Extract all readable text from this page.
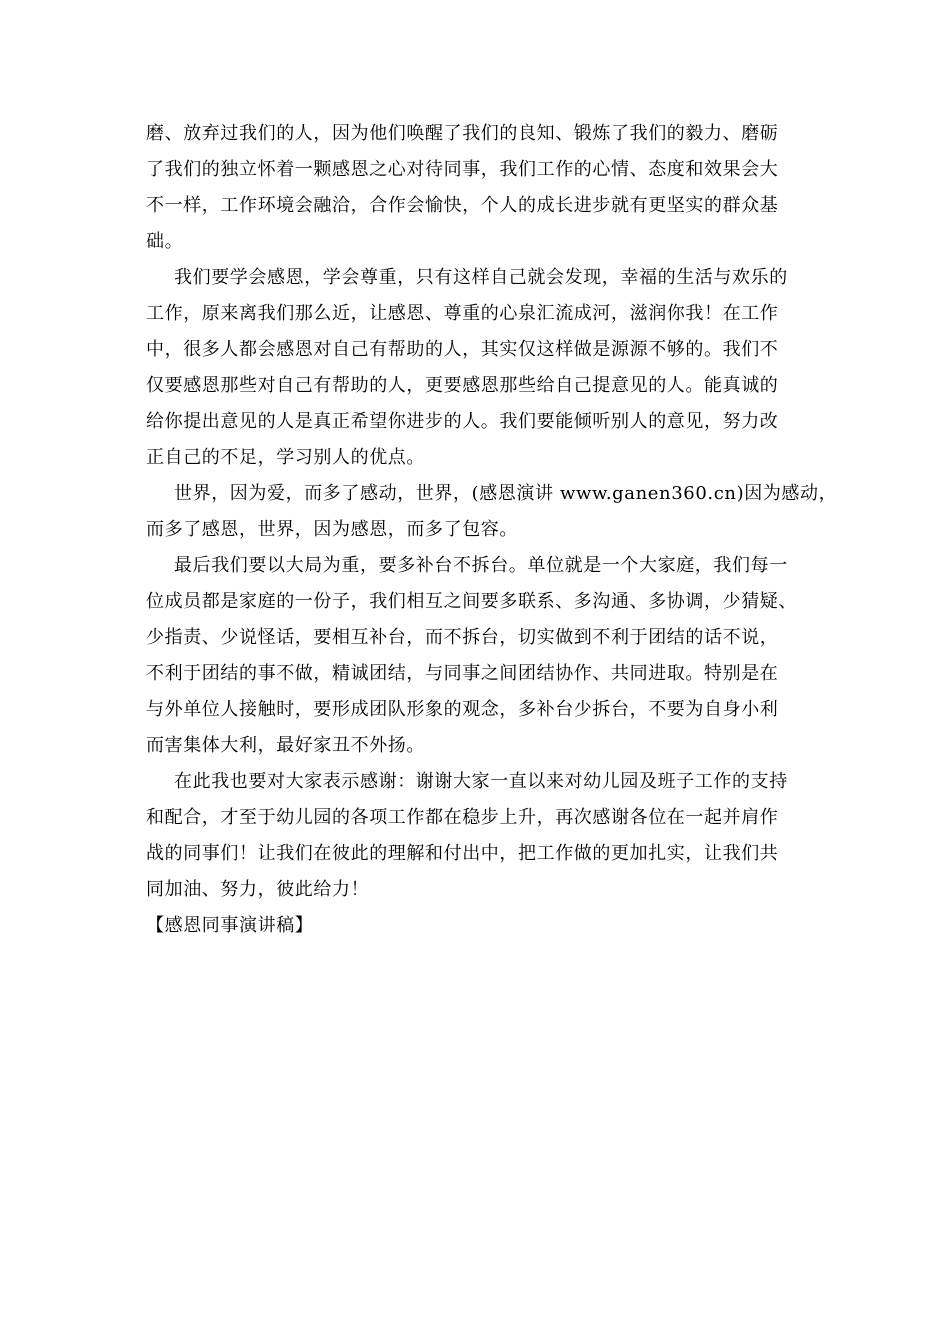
磨、放弃过我们的人，因为他们唤醒了我们的良知、锻炼了我们的毅力、磨砺
了我们的独立怀着一颗感恩之心对待同事，我们工作的心情、态度和效果会大
不一样，工作环境会融洽，合作会愉快，个人的成长进步就有更坚实的群众基
础。
我们要学会感恩，学会尊重，只有这样自己就会发现，幸福的生活与欢乐的
工作，原来离我们那么近，让感恩、尊重的心泉汇流成河，滋润你我！在工作
中，很多人都会感恩对自己有帮助的人，其实仅这样做是源源不够的。我们不
仅要感恩那些对自己有帮助的人，更要感恩那些给自己提意见的人。能真诚的
给你提出意见的人是真正希望你进步的人。我们要能倾听别人的意见，努力改
正自己的不足，学习别人的优点。
世界，因为爱，而多了感动，世界，(感恩演讲 www.ganen360.cn)因为感动，
而多了感恩，世界，因为感恩，而多了包容。
最后我们要以大局为重，要多补台不拆台。单位就是一个大家庭，我们每一
位成员都是家庭的一份子，我们相互之间要多联系、多沟通、多协调，少猜疑、
少指责、少说怪话，要相互补台，而不拆台，切实做到不利于团结的话不说，
不利于团结的事不做，精诚团结，与同事之间团结协作、共同进取。特别是在
与外单位人接触时，要形成团队形象的观念，多补台少拆台，不要为自身小利
而害集体大利，最好家丑不外扬。
在此我也要对大家表示感谢：谢谢大家一直以来对幼儿园及班子工作的支持
和配合，才至于幼儿园的各项工作都在稳步上升，再次感谢各位在一起并肩作
战的同事们！让我们在彼此的理解和付出中，把工作做的更加扎实，让我们共
同加油、努力，彼此给力！
【感恩同事演讲稿】
